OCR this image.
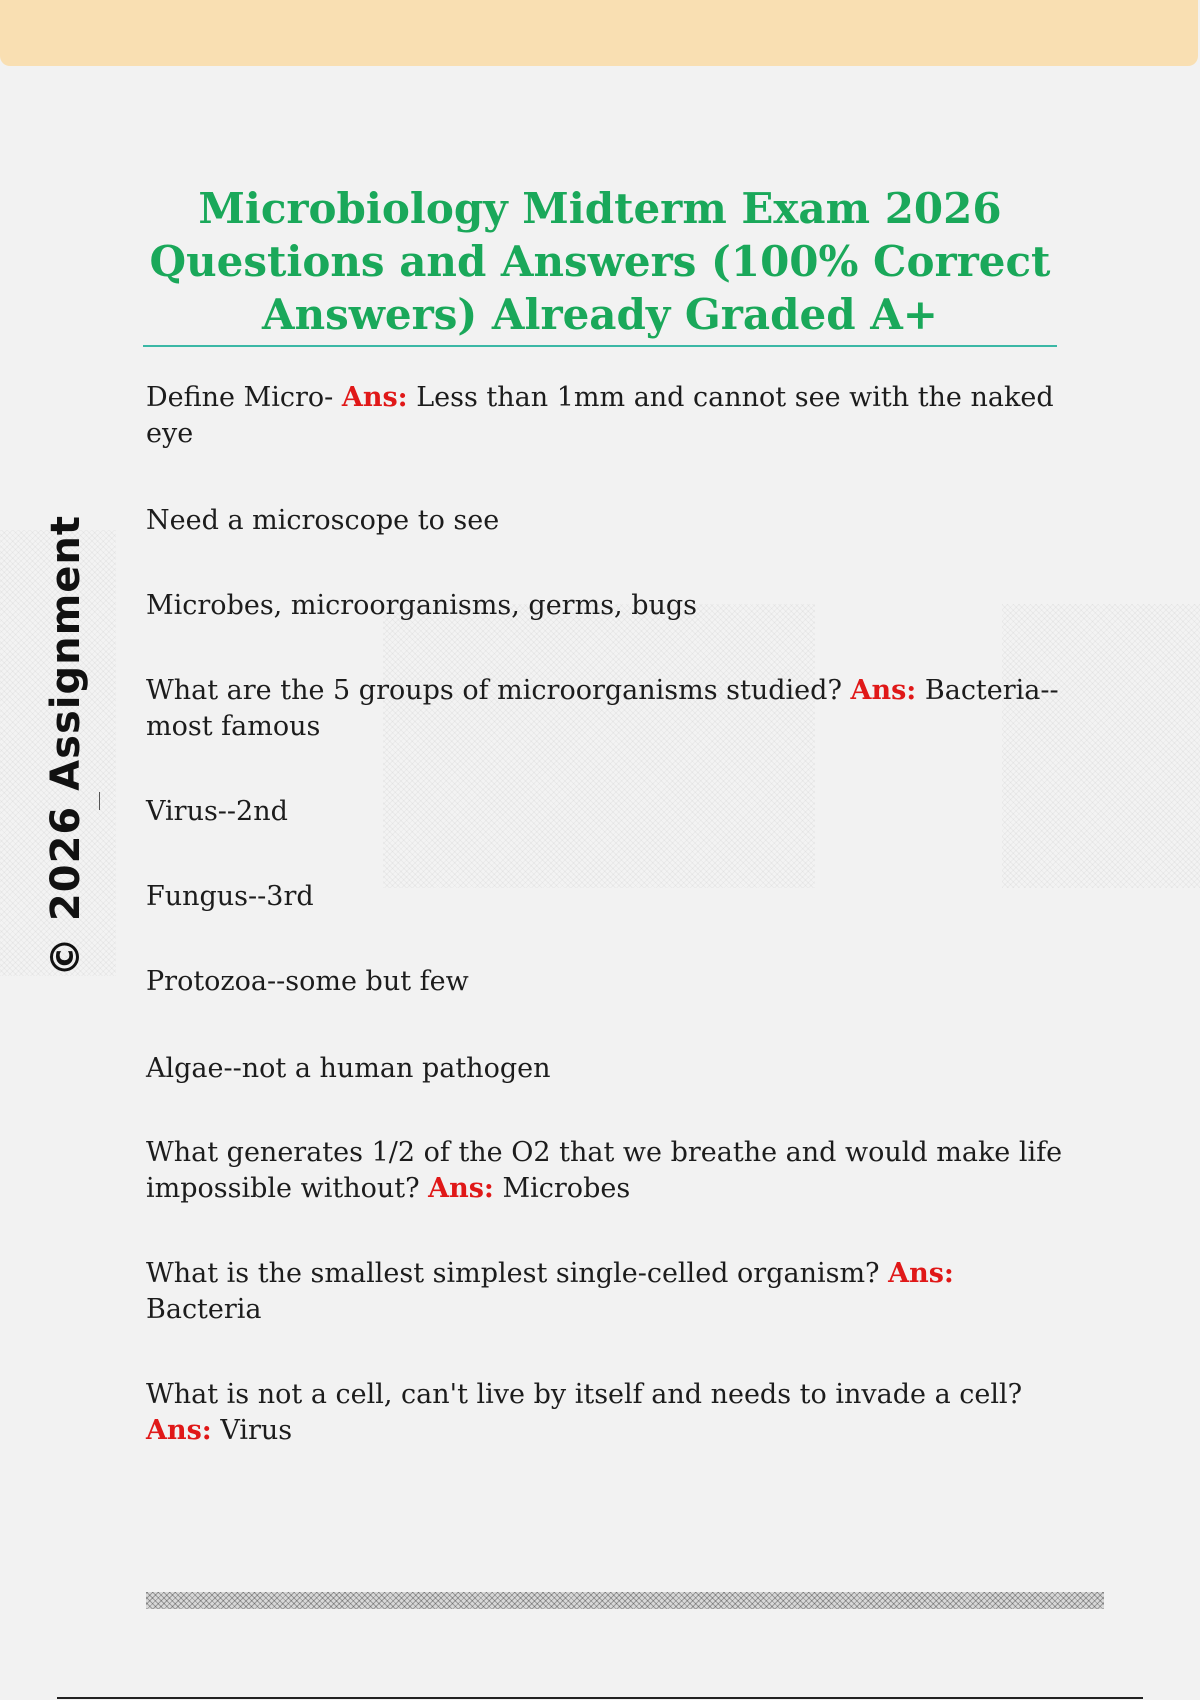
© 2026 Assignment
Microbiology Midterm Exam 2026 Questions and Answers (100% Correct Answers) Already Graded A+

Define Micro- Ans: Less than 1mm and cannot see with the naked eye

Need a microscope to see

Microbes, microorganisms, germs, bugs

What are the 5 groups of microorganisms studied? Ans: Bacteria--most famous

Virus--2nd

Fungus--3rd

Protozoa--some but few

Algae--not a human pathogen

What generates 1/2 of the O2 that we breathe and would make life impossible without? Ans: Microbes

What is the smallest simplest single-celled organism? Ans: Bacteria

What is not a cell, can't live by itself and needs to invade a cell? Ans: Virus
